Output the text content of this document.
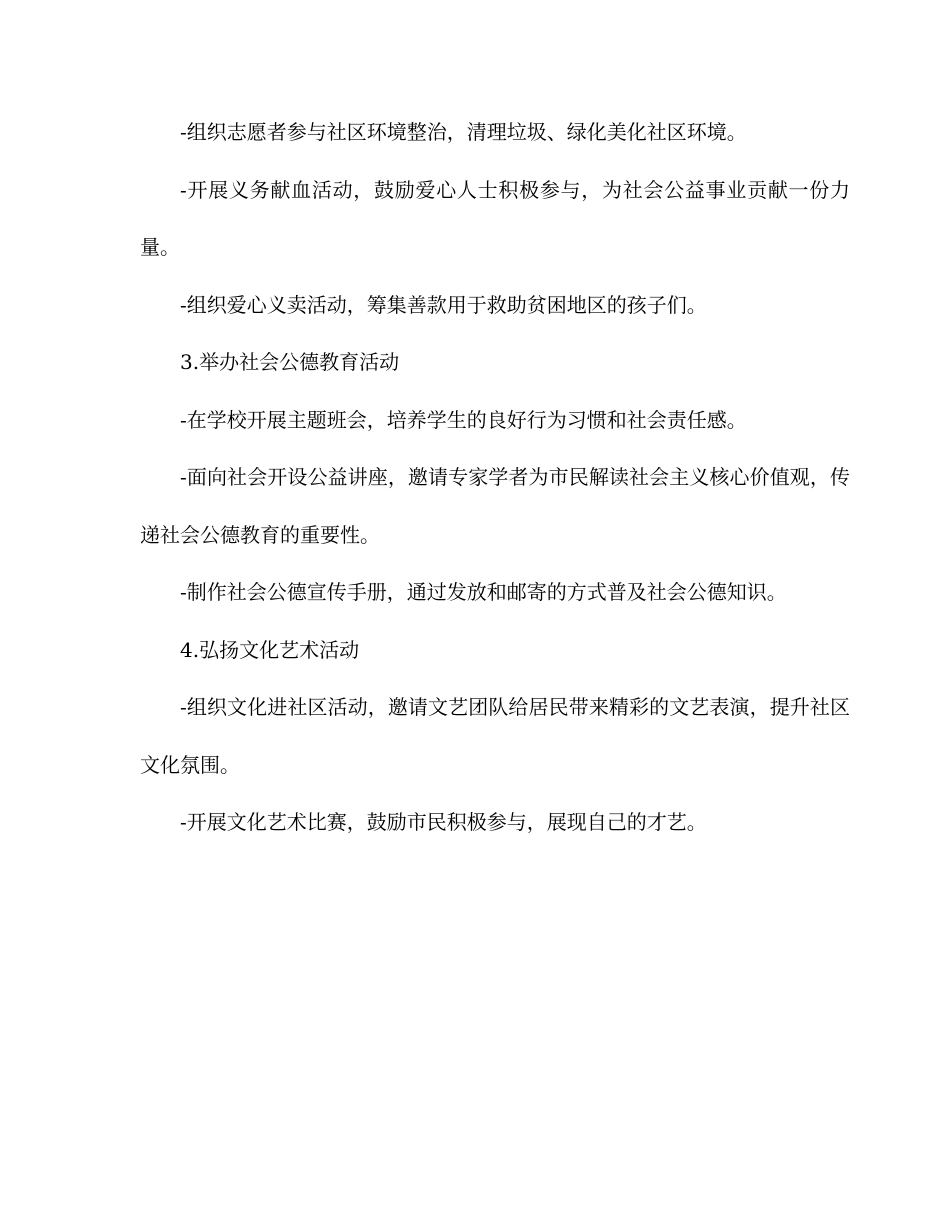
-组织志愿者参与社区环境整治，清理垃圾、绿化美化社区环境。

-开展义务献血活动，鼓励爱心人士积极参与，为社会公益事业贡献一份力量。

-组织爱心义卖活动，筹集善款用于救助贫困地区的孩子们。

3.举办社会公德教育活动

-在学校开展主题班会，培养学生的良好行为习惯和社会责任感。

-面向社会开设公益讲座，邀请专家学者为市民解读社会主义核心价值观，传递社会公德教育的重要性。

-制作社会公德宣传手册，通过发放和邮寄的方式普及社会公德知识。

4.弘扬文化艺术活动

-组织文化进社区活动，邀请文艺团队给居民带来精彩的文艺表演，提升社区文化氛围。

-开展文化艺术比赛，鼓励市民积极参与，展现自己的才艺。
